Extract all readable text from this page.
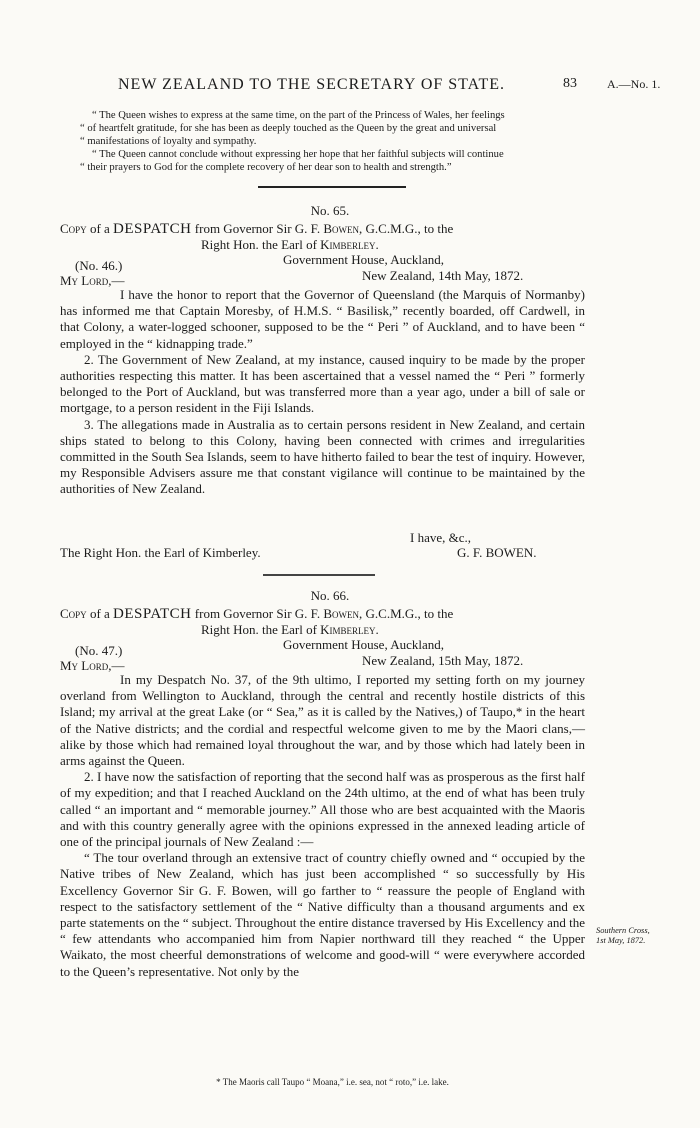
NEW ZEALAND TO THE SECRETARY OF STATE.	83	A.—No. 1.
“ The Queen wishes to express at the same time, on the part of the Princess of Wales, her feelings
“ of heartfelt gratitude, for she has been as deeply touched as the Queen by the great and universal
“ manifestations of loyalty and sympathy.
“ The Queen cannot conclude without expressing her hope that her faithful subjects will continue
“ their prayers to God for the complete recovery of her dear son to health and strength.”
No. 65.
Copy of a DESPATCH from Governor Sir G. F. Bowen, G.C.M.G., to the
Right Hon. the Earl of Kimberley.
(No. 46.)	Government House, Auckland,
New Zealand, 14th May, 1872.
My Lord,—

I have the honor to report that the Governor of Queensland (the Marquis of Normanby) has informed me that Captain Moresby, of H.M.S. “ Basilisk,” recently boarded, off Cardwell, in that Colony, a water-logged schooner, supposed to be the “ Peri ” of Auckland, and to have been “ employed in the “ kidnapping trade.”

2. The Government of New Zealand, at my instance, caused inquiry to be made by the proper authorities respecting this matter. It has been ascertained that a vessel named the “ Peri ” formerly belonged to the Port of Auckland, but was transferred more than a year ago, under a bill of sale or mortgage, to a person resident in the Fiji Islands.

3. The allegations made in Australia as to certain persons resident in New Zealand, and certain ships stated to belong to this Colony, having been connected with crimes and irregularities committed in the South Sea Islands, seem to have hitherto failed to bear the test of inquiry. However, my Responsible Advisers assure me that constant vigilance will continue to be maintained by the authorities of New Zealand.

I have, &c.,
The Right Hon. the Earl of Kimberley.	G. F. BOWEN.
No. 66.
Copy of a DESPATCH from Governor Sir G. F. Bowen, G.C.M.G., to the
Right Hon. the Earl of Kimberley.
(No. 47.)	Government House, Auckland,
New Zealand, 15th May, 1872.
My Lord,—

In my Despatch No. 37, of the 9th ultimo, I reported my setting forth on my journey overland from Wellington to Auckland, through the central and recently hostile districts of this Island; my arrival at the great Lake (or “ Sea,” as it is called by the Natives,) of Taupo,* in the heart of the Native districts; and the cordial and respectful welcome given to me by the Maori clans,—alike by those which had remained loyal throughout the war, and by those which had lately been in arms against the Queen.

2. I have now the satisfaction of reporting that the second half was as prosperous as the first half of my expedition; and that I reached Auckland on the 24th ultimo, at the end of what has been truly called “ an important and “ memorable journey.” All those who are best acquainted with the Maoris and with this country generally agree with the opinions expressed in the annexed leading article of one of the principal journals of New Zealand :—

“ The tour overland through an extensive tract of country chiefly owned and “ occupied by the Native tribes of New Zealand, which has just been accomplished “ so successfully by His Excellency Governor Sir G. F. Bowen, will go farther to “ reassure the people of England with respect to the satisfactory settlement of the “ Native difficulty than a thousand arguments and ex parte statements on the “ subject. Throughout the entire distance traversed by His Excellency and the “ few attendants who accompanied him from Napier northward till they reached “ the Upper Waikato, the most cheerful demonstrations of welcome and good-will “ were everywhere accorded to the Queen’s representative. Not only by the

Southern Cross,
1st May, 1872.
* The Maoris call Taupo “ Moana,” i.e. sea, not “ roto,” i.e. lake.
